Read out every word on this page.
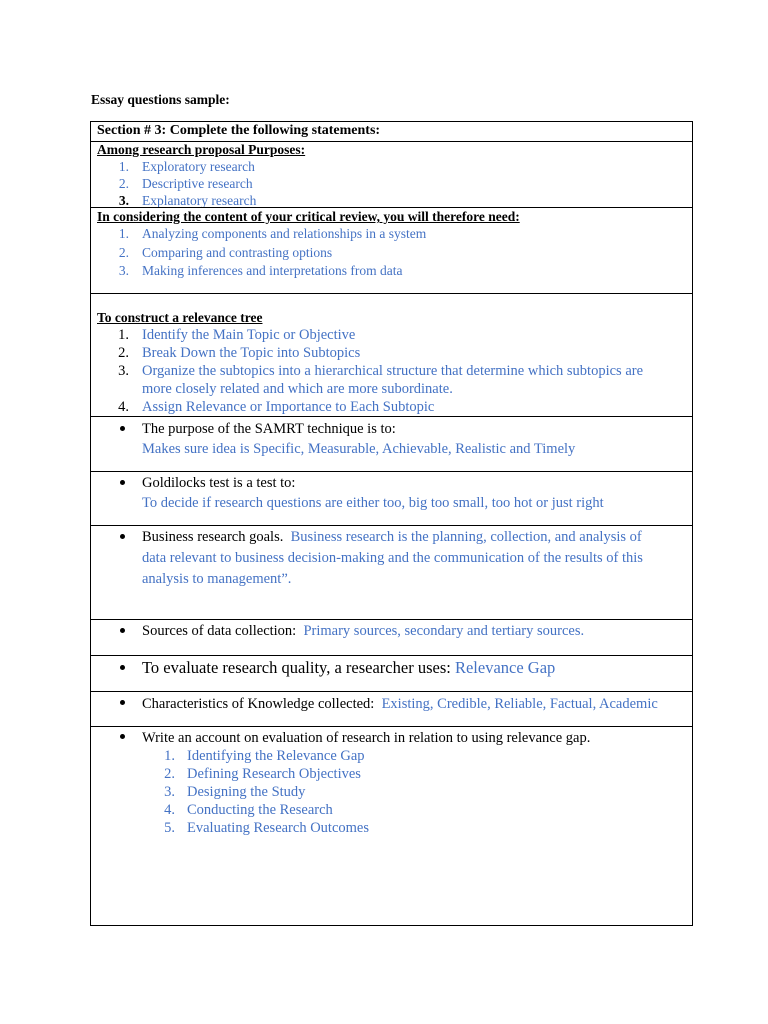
Essay questions sample:
Section # 3: Complete the following statements:
Among research proposal Purposes:
1. Exploratory research
2. Descriptive research
3. Explanatory research
In considering the content of your critical review, you will therefore need:
1. Analyzing components and relationships in a system
2. Comparing and contrasting options
3. Making inferences and interpretations from data
To construct a relevance tree
1. Identify the Main Topic or Objective
2. Break Down the Topic into Subtopics
3. Organize the subtopics into a hierarchical structure that determine which subtopics are more closely related and which are more subordinate.
4. Assign Relevance or Importance to Each Subtopic
The purpose of the SAMRT technique is to:
Makes sure idea is Specific, Measurable, Achievable, Realistic and Timely
Goldilocks test is a test to:
To decide if research questions are either too, big too small, too hot or just right
Business research goals. Business research is the planning, collection, and analysis of data relevant to business decision-making and the communication of the results of this analysis to management”.
Sources of data collection: Primary sources, secondary and tertiary sources.
To evaluate research quality, a researcher uses: Relevance Gap
Characteristics of Knowledge collected: Existing, Credible, Reliable, Factual, Academic
Write an account on evaluation of research in relation to using relevance gap.
1. Identifying the Relevance Gap
2. Defining Research Objectives
3. Designing the Study
4. Conducting the Research
5. Evaluating Research Outcomes
